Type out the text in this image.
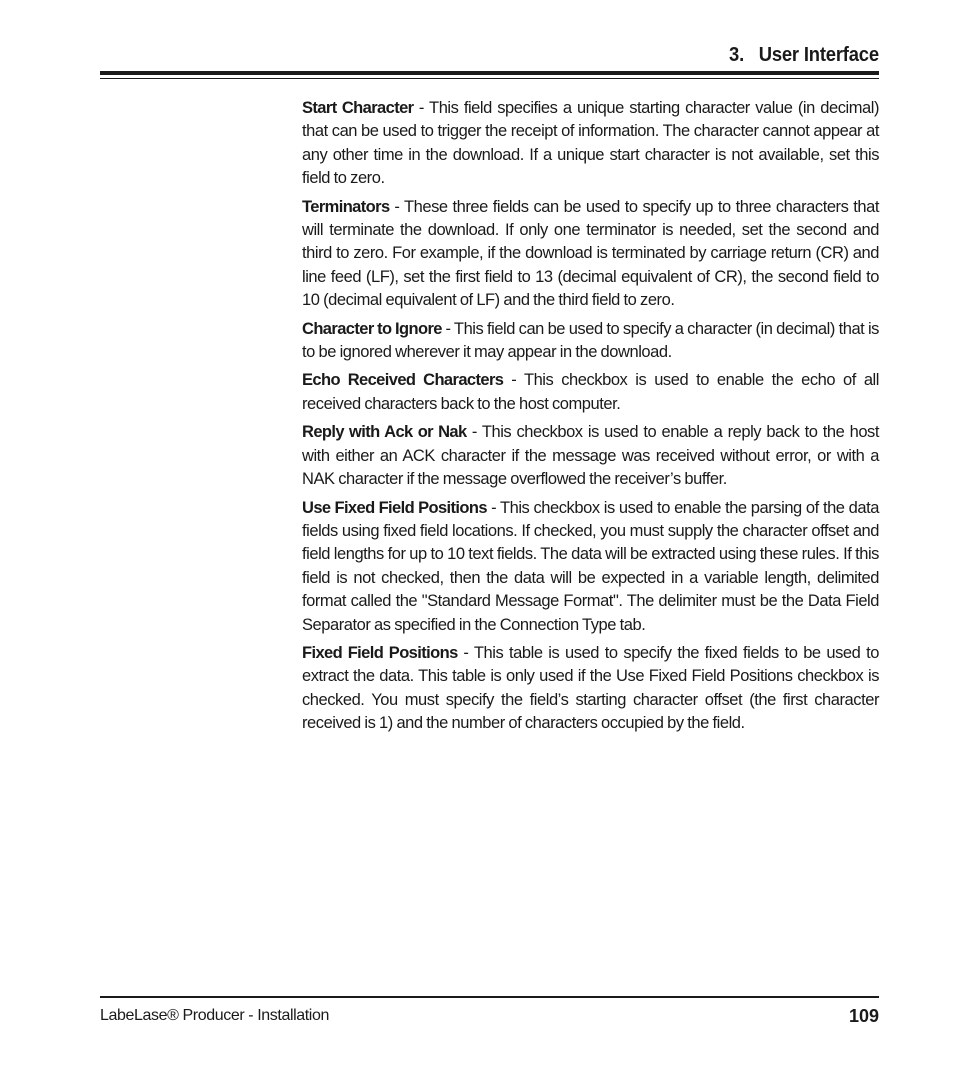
3. User Interface

Start Character - This field specifies a unique starting character value (in decimal) that can be used to trigger the receipt of information. The character cannot appear at any other time in the download. If a unique start character is not available, set this field to zero.

Terminators - These three fields can be used to specify up to three characters that will terminate the download. If only one terminator is needed, set the second and third to zero. For example, if the download is terminated by carriage return (CR) and line feed (LF), set the first field to 13 (decimal equivalent of CR), the second field to 10 (decimal equivalent of LF) and the third field to zero.

Character to Ignore - This field can be used to specify a character (in decimal) that is to be ignored wherever it may appear in the download.

Echo Received Characters - This checkbox is used to enable the echo of all received characters back to the host computer.

Reply with Ack or Nak - This checkbox is used to enable a reply back to the host with either an ACK character if the message was received without error, or with a NAK character if the message overflowed the receiver’s buffer.

Use Fixed Field Positions - This checkbox is used to enable the parsing of the data fields using fixed field locations. If checked, you must supply the character offset and field lengths for up to 10 text fields. The data will be extracted using these rules. If this field is not checked, then the data will be expected in a variable length, delimited format called the "Standard Message Format". The delimiter must be the Data Field Separator as specified in the Connection Type tab.

Fixed Field Positions - This table is used to specify the fixed fields to be used to extract the data. This table is only used if the Use Fixed Field Positions checkbox is checked. You must specify the field’s starting character offset (the first character received is 1) and the number of characters occupied by the field.

LabeLase® Producer - Installation	109
